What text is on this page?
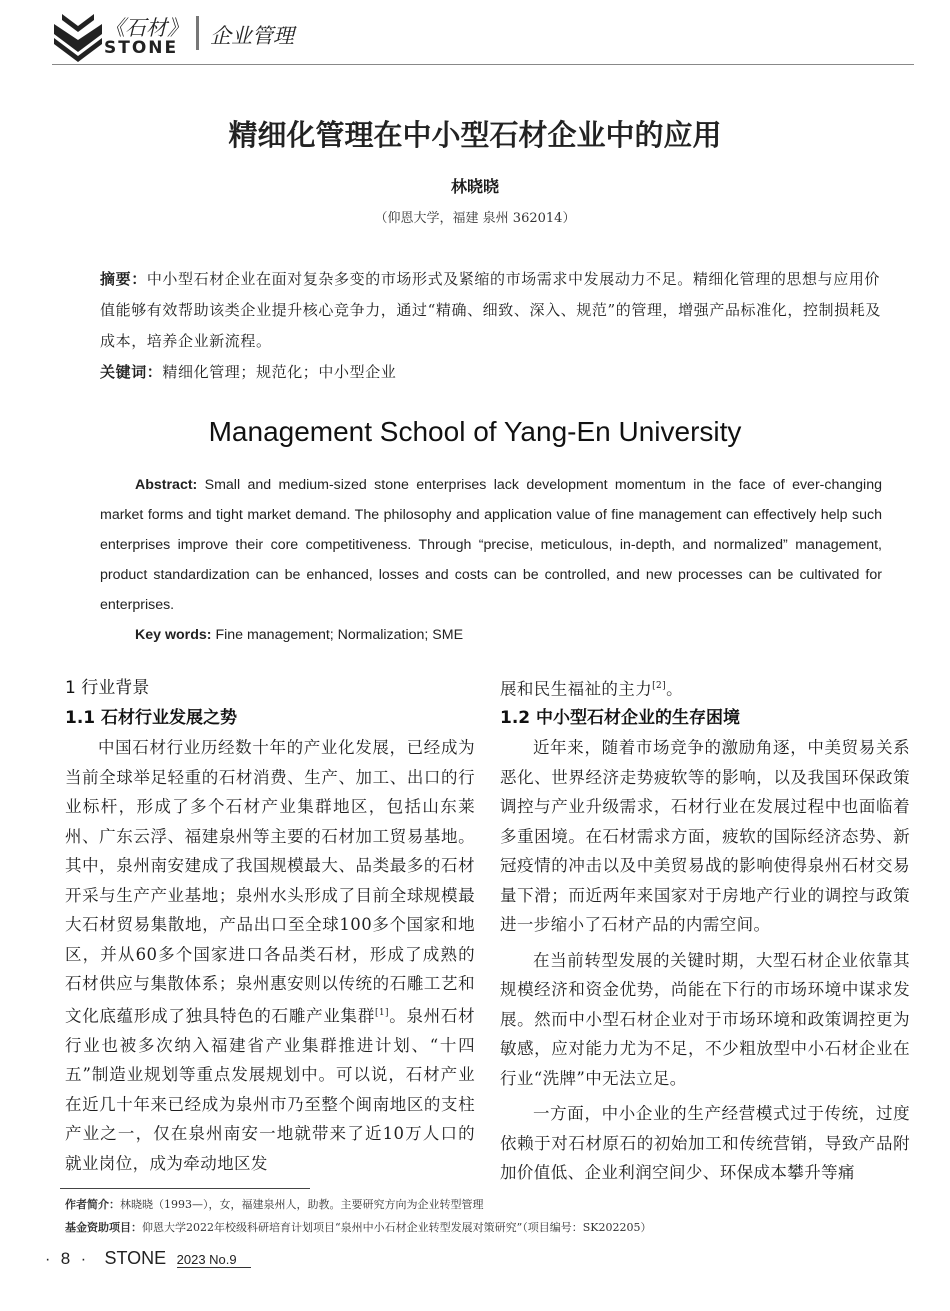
《石材》
STONE 企业管理
精细化管理在中小型石材企业中的应用
林晓晓
（仰恩大学，福建 泉州 362014）
摘要：中小型石材企业在面对复杂多变的市场形式及紧缩的市场需求中发展动力不足。精细化管理的思想与应用价值能够有效帮助该类企业提升核心竞争力，通过“精确、细致、深入、规范”的管理，增强产品标准化，控制损耗及成本，培养企业新流程。
关键词：精细化管理；规范化；中小型企业
Management School of Yang-En University
Abstract: Small and medium-sized stone enterprises lack development momentum in the face of ever-changing market forms and tight market demand. The philosophy and application value of fine management can effectively help such enterprises improve their core competitiveness. Through “precise, meticulous, in-depth, and normalized” management, product standardization can be enhanced, losses and costs can be controlled, and new processes can be cultivated for enterprises.
Key words: Fine management; Normalization; SME
1 行业背景
1.1 石材行业发展之势
中国石材行业历经数十年的产业化发展，已经成为当前全球举足轻重的石材消费、生产、加工、出口的行业标杆，形成了多个石材产业集群地区，包括山东莱州、广东云浮、福建泉州等主要的石材加工贸易基地。其中，泉州南安建成了我国规模最大、品类最多的石材开采与生产产业基地；泉州水头形成了目前全球规模最大石材贸易集散地，产品出口至全球100多个国家和地区，并从60多个国家进口各品类石材，形成了成熟的石材供应与集散体系；泉州惠安则以传统的石雕工艺和文化底蕴形成了独具特色的石雕产业集群[1]。泉州石材行业也被多次纳入福建省产业集群推进计划、“十四五”制造业规划等重点发展规划中。可以说，石材产业在近几十年来已经成为泉州市乃至整个闽南地区的支柱产业之一，仅在泉州南安一地就带来了近10万人口的就业岗位，成为牵动地区发
展和民生福祉的主力[2]。
1.2 中小型石材企业的生存困境
近年来，随着市场竞争的激励角逐，中美贸易关系恶化、世界经济走势疲软等的影响，以及我国环保政策调控与产业升级需求，石材行业在发展过程中也面临着多重困境。在石材需求方面，疲软的国际经济态势、新冠疫情的冲击以及中美贸易战的影响使得泉州石材交易量下滑；而近两年来国家对于房地产行业的调控与政策进一步缩小了石材产品的内需空间。
在当前转型发展的关键时期，大型石材企业依靠其规模经济和资金优势，尚能在下行的市场环境中谋求发展。然而中小型石材企业对于市场环境和政策调控更为敏感，应对能力尤为不足，不少粗放型中小石材企业在行业“洗牌”中无法立足。
一方面，中小企业的生产经营模式过于传统，过度依赖于对石材原石的初始加工和传统营销，导致产品附加价值低、企业利润空间少、环保成本攀升等痛
作者简介：林晓晓（1993—），女，福建泉州人，助教。主要研究方向为企业转型管理
基金资助项目：仰恩大学2022年校级科研培育计划项目“泉州中小石材企业转型发展对策研究”（项目编号：SK202205）
· 8 · STONE 2023 No.9
